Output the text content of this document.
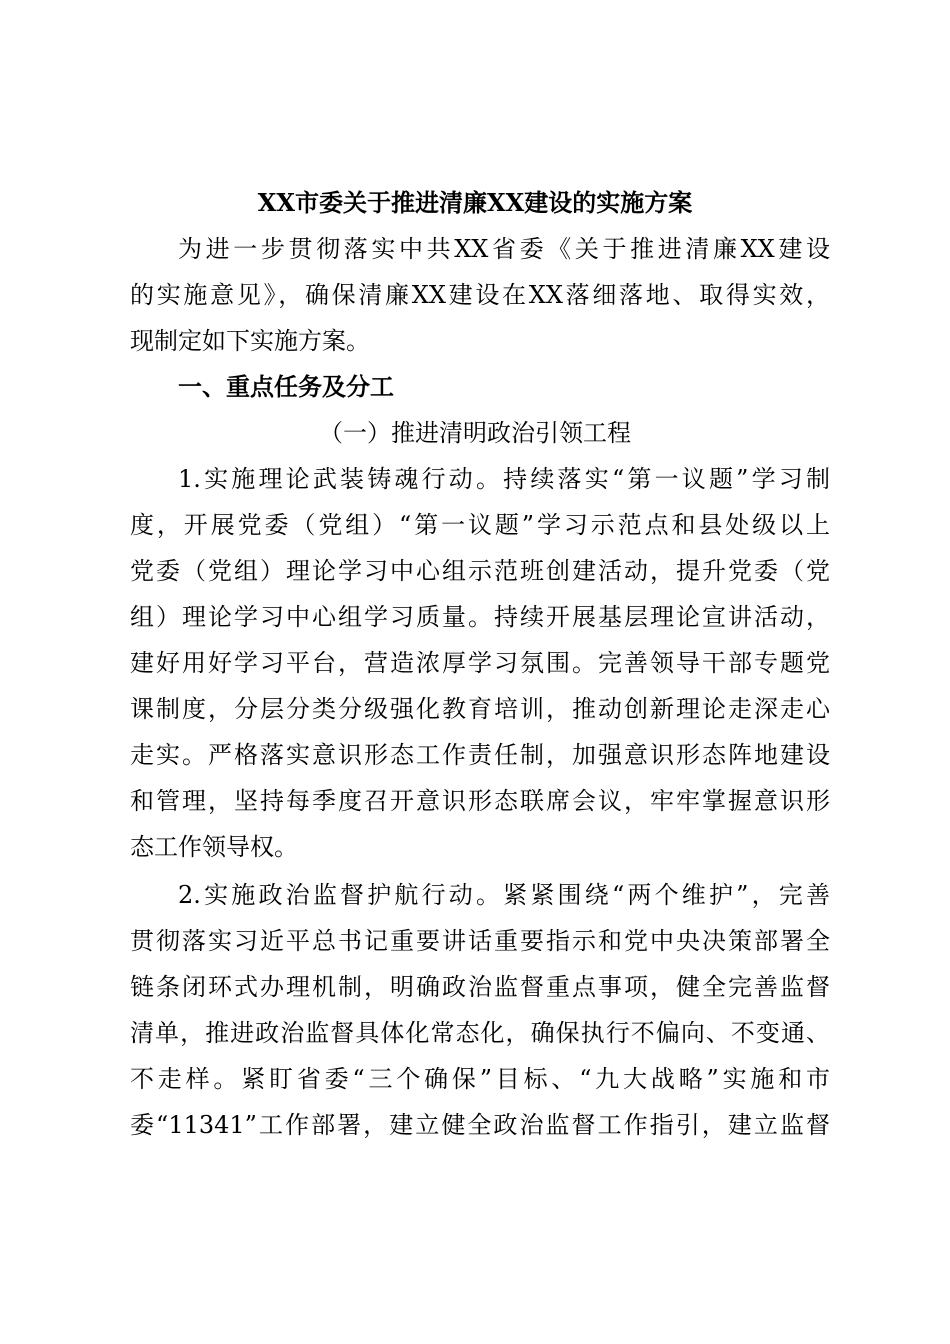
XX市委关于推进清廉XX建设的实施方案
为进一步贯彻落实中共XX省委《关于推进清廉XX建设
的实施意见》，确保清廉XX建设在XX落细落地、取得实效，
现制定如下实施方案。
一、重点任务及分工
（一）推进清明政治引领工程
1.实施理论武装铸魂行动。持续落实“第一议题”学习制
度，开展党委（党组）“第一议题”学习示范点和县处级以上
党委（党组）理论学习中心组示范班创建活动，提升党委（党
组）理论学习中心组学习质量。持续开展基层理论宣讲活动，
建好用好学习平台，营造浓厚学习氛围。完善领导干部专题党
课制度，分层分类分级强化教育培训，推动创新理论走深走心
走实。严格落实意识形态工作责任制，加强意识形态阵地建设
和管理，坚持每季度召开意识形态联席会议，牢牢掌握意识形
态工作领导权。
2.实施政治监督护航行动。紧紧围绕“两个维护”，完善
贯彻落实习近平总书记重要讲话重要指示和党中央决策部署全
链条闭环式办理机制，明确政治监督重点事项，健全完善监督
清单，推进政治监督具体化常态化，确保执行不偏向、不变通、
不走样。紧盯省委“三个确保”目标、“九大战略”实施和市
委“11341”工作部署，建立健全政治监督工作指引，建立监督
